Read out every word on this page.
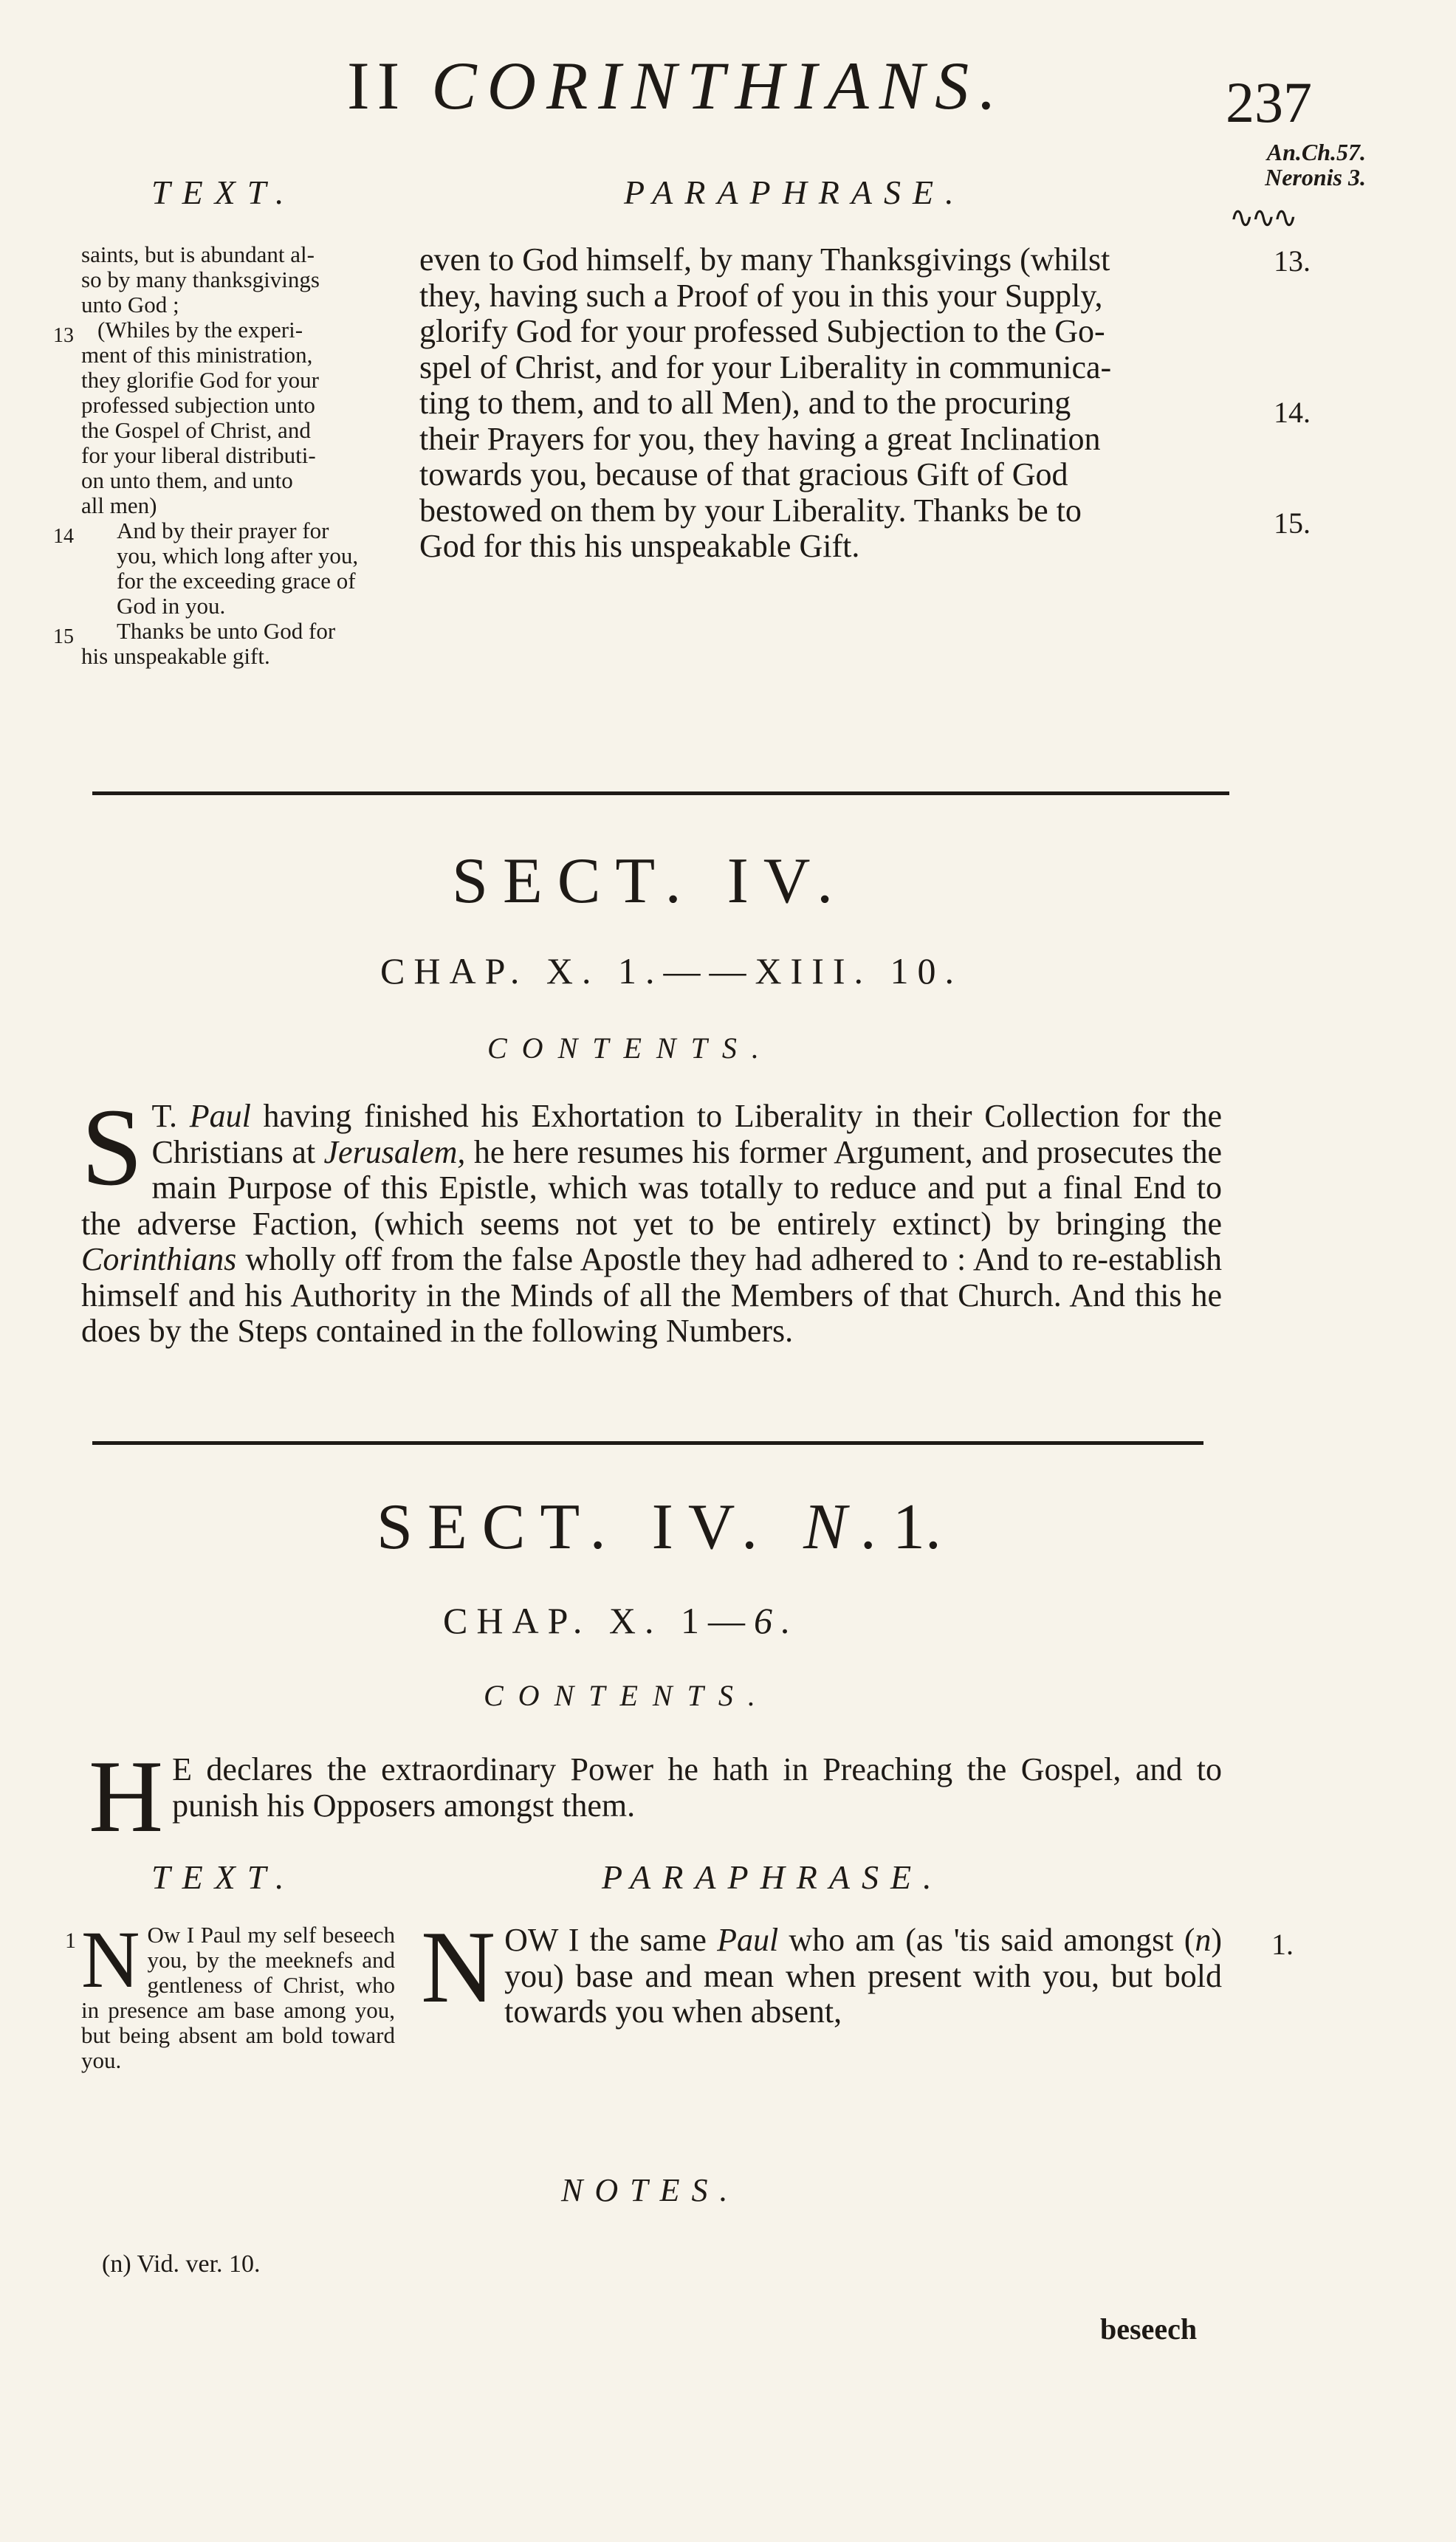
II CORINTHIANS.	237
An.Ch.57.
Neronis 3.
∿∿∿
TEXT.	PARAPHRASE.
saints, but is abundant al-
so by many thanksgivings
unto God ;
13	(Whiles by the experi-
ment of this ministration,
they glorifie God for your
professed subjection unto
the Gospel of Christ, and
for your liberal distributi-
on unto them, and unto
all men)
14	And by their prayer for
you, which long after you,
for the exceeding grace of
God in you.
15	Thanks be unto God for
his unspeakable gift.
even to God himself, by many Thanksgivings (whilst
they, having such a Proof of you in this your Supply,
glorify God for your professed Subjection to the Go-
spel of Christ, and for your Liberality in communica-
ting to them, and to all Men), and to the procuring
their Prayers for you, they having a great Inclination
towards you, because of that gracious Gift of God
bestowed on them by your Liberality. Thanks be to
God for this his unspeakable Gift.
13.
14.
15.
SECT. IV.
CHAP. X. 1.——XIII. 10.
CONTENTS.
S T. Paul having finished his Exhortation to Liberality in their Collection for the Christians at Jerusalem, he here resumes his former Argument, and prosecutes the main Purpose of this Epistle, which was totally to reduce and put a final End to the adverse Faction, (which seems not yet to be entirely extinct) by bringing the Corinthians wholly off from the false Apostle they had adhered to : And to re-establish himself and his Authority in the Minds of all the Members of that Church. And this he does by the Steps contained in the following Numbers.
SECT. IV. N.1.
CHAP. X. 1—6.
CONTENTS.
H E declares the extraordinary Power he hath in Preaching the Gospel, and to punish his Opposers amongst them.
TEXT.	PARAPHRASE.
1 N Ow I Paul my self beseech you, by the meeknefs and gentleness of Christ, who in presence am base among you, but being absent am bold toward you.
NOW I the same Paul who am (as 'tis said amongst (n) you) base and mean when present with you, but bold towards you when absent,
1.
NOTES.
(n) Vid. ver. 10.
beseech
